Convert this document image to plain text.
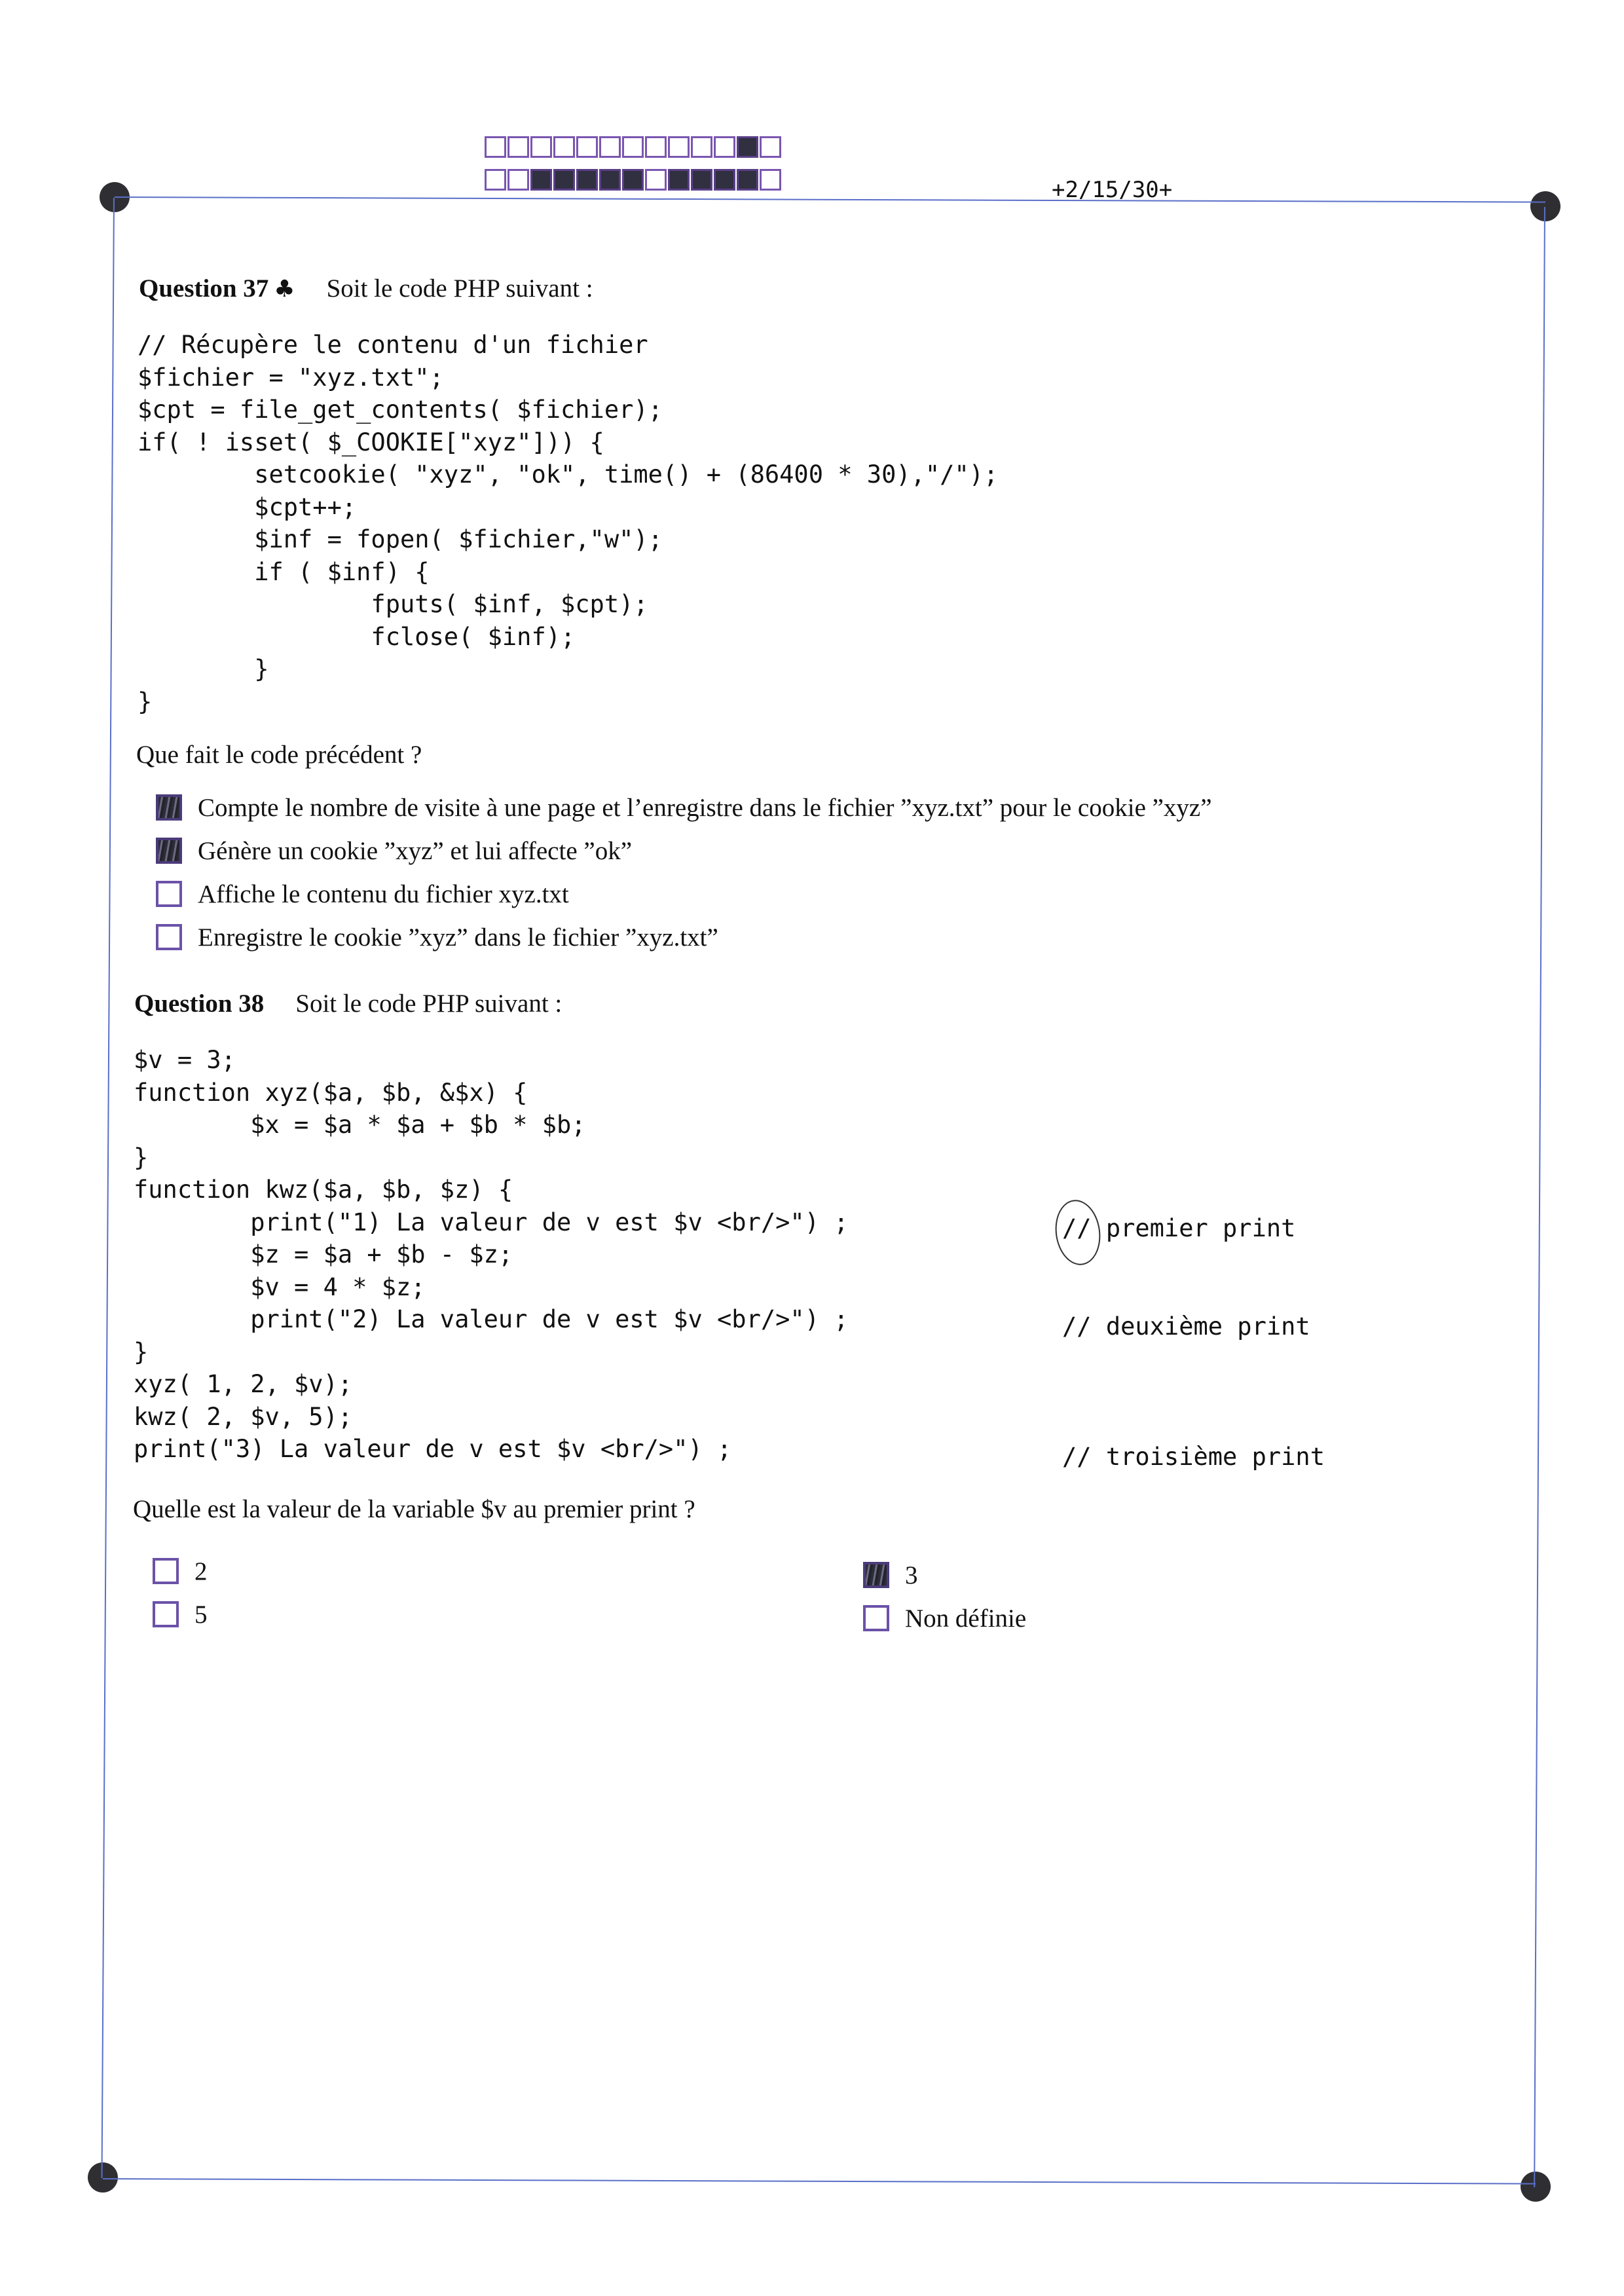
+2/15/30+
Question 37 ♣ Soit le code PHP suivant :
// Récupère le contenu d'un fichier
$fichier = "xyz.txt";
$cpt = file_get_contents( $fichier);
if( ! isset( $_COOKIE["xyz"])) {
setcookie( "xyz", "ok", time() + (86400 * 30),"/");
$cpt++;
$inf = fopen( $fichier,"w");
if ( $inf) {
fputs( $inf, $cpt);
fclose( $inf);
}
}
Que fait le code précédent ?
Compte le nombre de visite à une page et l’enregistre dans le fichier ”xyz.txt” pour le cookie ”xyz”
Génère un cookie ”xyz” et lui affecte ”ok”
Affiche le contenu du fichier xyz.txt
Enregistre le cookie ”xyz” dans le fichier ”xyz.txt”
Question 38 Soit le code PHP suivant :
$v = 3;
function xyz($a, $b, &$x) {
$x = $a * $a + $b * $b;
}
function kwz($a, $b, $z) {
print("1) La valeur de v est $v <br/>") ;
$z = $a + $b - $z;
$v = 4 * $z;
print("2) La valeur de v est $v <br/>") ;
}
xyz( 1, 2, $v);
kwz( 2, $v, 5);
print("3) La valeur de v est $v <br/>") ;
// premier print
// deuxième print
// troisième print
Quelle est la valeur de la variable $v au premier print ?
2
5
3
Non définie
